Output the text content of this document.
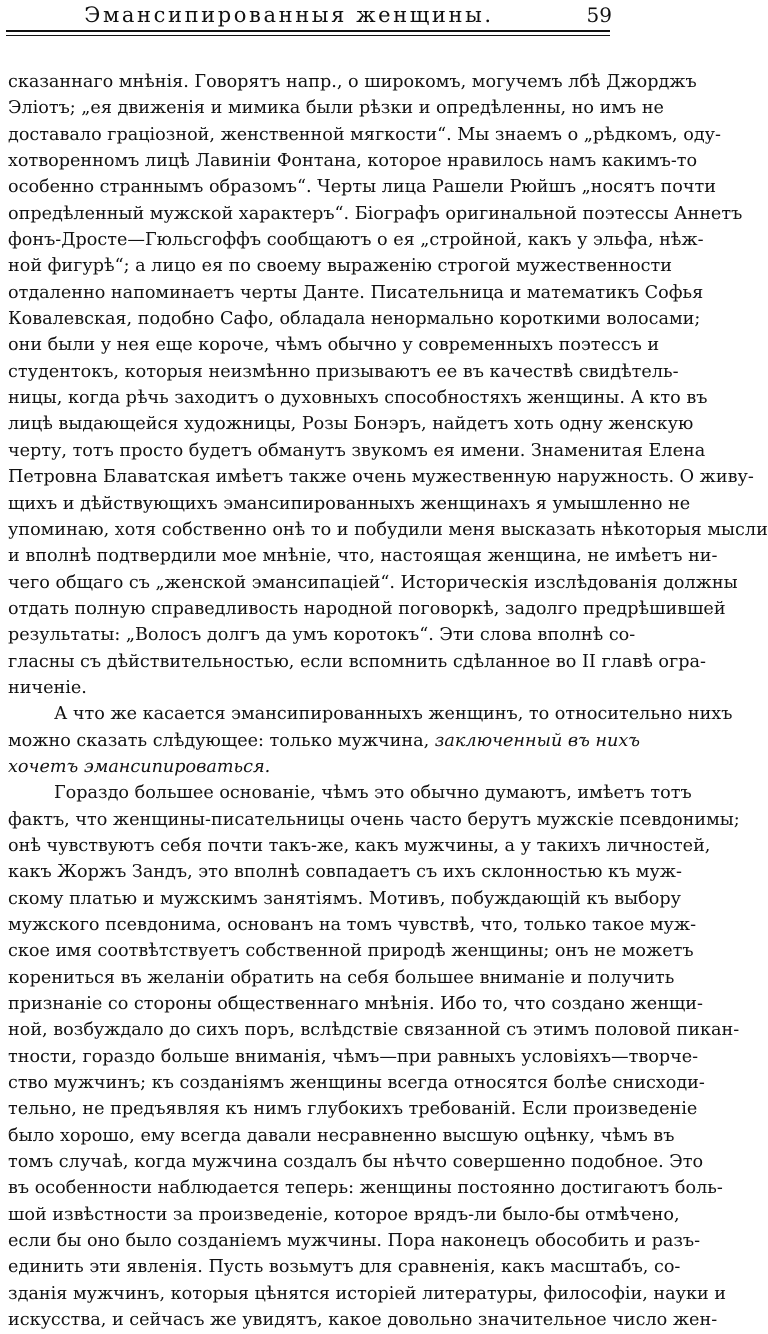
Эмансипированныя женщины.	59
сказаннаго мнѣнія. Говорятъ напр., о широкомъ, могучемъ лбѣ Джорджъ
Элiотъ; „ея движенія и мимика были рѣзки и опредѣленны, но имъ не
доставало граціозной, женственной мягкости“. Мы знаемъ о „рѣдкомъ, оду-
хотворенномъ лицѣ Лавиніи Фонтана, которое нравилось намъ какимъ-то
особенно страннымъ образомъ“. Черты лица Рашели Рюйшъ „носятъ почти
опредѣленный мужской характеръ“. Біографъ оригинальной поэтессы Аннетъ
фонъ-Дросте—Гюльсгоффъ сообщаютъ о ея „стройной, какъ у эльфа, нѣж-
ной фигурѣ“; а лицо ея по своему выраженію строгой мужественности
отдаленно напоминаетъ черты Данте. Писательница и математикъ Софья
Ковалевская, подобно Сафо, обладала ненормально короткими волосами;
они были у нея еще короче, чѣмъ обычно у современныхъ поэтессъ и
студентокъ, которыя неизмѣнно призываютъ ее въ качествѣ свидѣтель-
ницы, когда рѣчь заходитъ о духовныхъ способностяхъ женщины. А кто въ
лицѣ выдающейся художницы, Розы Бонэръ, найдетъ хоть одну женскую
черту, тотъ просто будетъ обманутъ звукомъ ея имени. Знаменитая Елена
Петровна Блаватская имѣетъ также очень мужественную наружность. О живу-
щихъ и дѣйствующихъ эмансипированныхъ женщинахъ я умышленно не
упоминаю, хотя собственно онѣ то и побудили меня высказать нѣкоторыя мысли
и вполнѣ подтвердили мое мнѣніе, что, настоящая женщина, не имѣетъ ни-
чего общаго съ „женской эмансипаціей“. Историческія изслѣдованія должны
отдать полную справедливость народной поговоркѣ, задолго предрѣшившей
результаты: „Волосъ долгъ да умъ коротокъ“. Эти слова вполнѣ со-
гласны съ дѣйствительностью, если вспомнить сдѣланное во II главѣ огра-
ниченіе.
А что же касается эмансипированныхъ женщинъ, то относительно нихъ
можно сказать слѣдующее: только мужчина, заключенный въ нихъ
хочетъ эмансипироваться.
Гораздо большее основаніе, чѣмъ это обычно думаютъ, имѣетъ тотъ
фактъ, что женщины-писательницы очень часто берутъ мужскіе псевдонимы;
онѣ чувствуютъ себя почти такъ-же, какъ мужчины, а у такихъ личностей,
какъ Жоржъ Зандъ, это вполнѣ совпадаетъ съ ихъ склонностью къ муж-
скому платью и мужскимъ занятіямъ. Мотивъ, побуждающій къ выбору
мужского псевдонима, основанъ на томъ чувствѣ, что, только такое муж-
ское имя соотвѣтствуетъ собственной природѣ женщины; онъ не можетъ
корениться въ желаніи обратить на себя большее вниманіе и получить
признаніе со стороны общественнаго мнѣнія. Ибо то, что создано женщи-
ной, возбуждало до сихъ поръ, вслѣдствіе связанной съ этимъ половой пикан-
тности, гораздо больше вниманія, чѣмъ—при равныхъ условіяхъ—творче-
ство мужчинъ; къ созданіямъ женщины всегда относятся болѣе снисходи-
тельно, не предъявляя къ нимъ глубокихъ требованій. Если произведеніе
было хорошо, ему всегда давали несравненно высшую оцѣнку, чѣмъ въ
томъ случаѣ, когда мужчина создалъ бы нѣчто совершенно подобное. Это
въ особенности наблюдается теперь: женщины постоянно достигаютъ боль-
шой извѣстности за произведеніе, которое врядъ-ли было-бы отмѣчено,
если бы оно было созданіемъ мужчины. Пора наконецъ обособить и разъ-
единить эти явленія. Пусть возьмутъ для сравненія, какъ масштабъ, со-
зданія мужчинъ, которыя цѣнятся исторіей литературы, философіи, науки и
искусства, и сейчасъ же увидятъ, какое довольно значительное число жен-
